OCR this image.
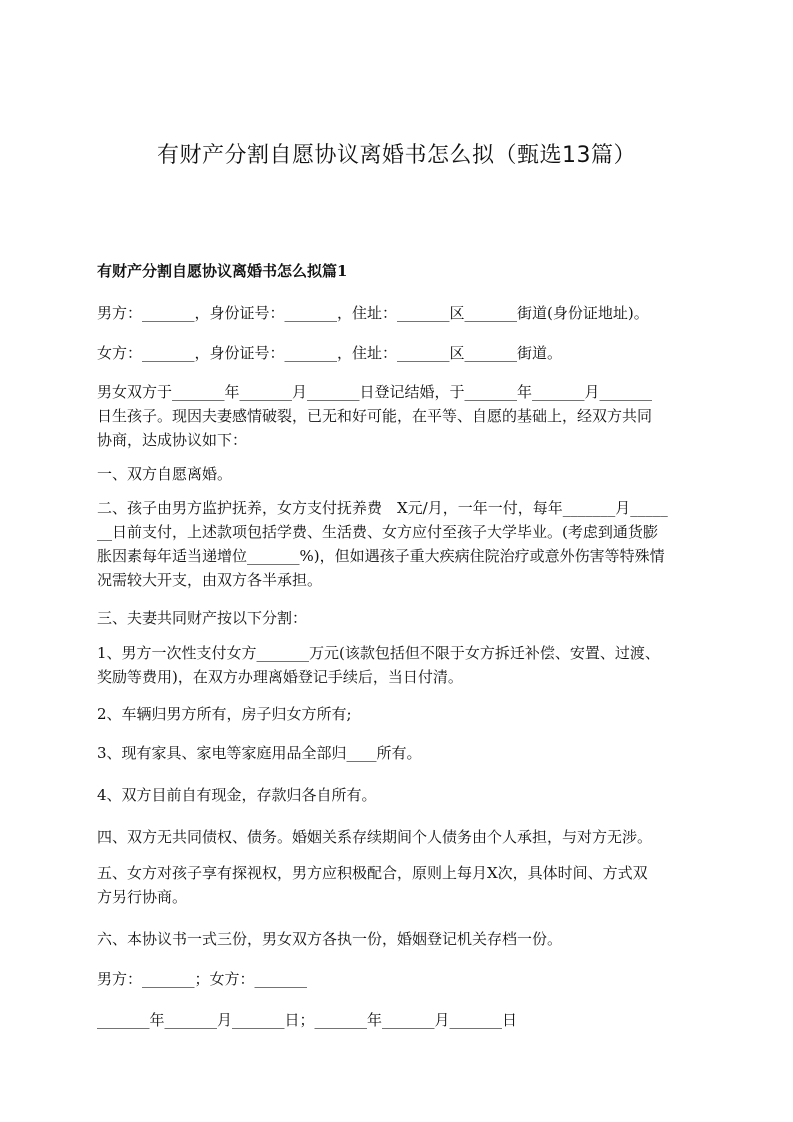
有财产分割自愿协议离婚书怎么拟（甄选13篇）
有财产分割自愿协议离婚书怎么拟篇1
男方：_______，身份证号：_______，住址：_______区_______街道(身份证地址)。
女方：_______，身份证号：_______，住址：_______区_______街道。
男女双方于_______年_______月_______日登记结婚，于_______年_______月_______
日生孩子。现因夫妻感情破裂，已无和好可能，在平等、自愿的基础上，经双方共同
协商，达成协议如下：
一、双方自愿离婚。
二、孩子由男方监护抚养，女方支付抚养费　X元/月，一年一付，每年_______月_____
__日前支付，上述款项包括学费、生活费、女方应付至孩子大学毕业。(考虑到通货膨
胀因素每年适当递增位_______%)，但如遇孩子重大疾病住院治疗或意外伤害等特殊情
况需较大开支，由双方各半承担。
三、夫妻共同财产按以下分割：
1、男方一次性支付女方_______万元(该款包括但不限于女方拆迁补偿、安置、过渡、
奖励等费用)，在双方办理离婚登记手续后，当日付清。
2、车辆归男方所有，房子归女方所有;
3、现有家具、家电等家庭用品全部归____所有。
4、双方目前自有现金，存款归各自所有。
四、双方无共同债权、债务。婚姻关系存续期间个人债务由个人承担，与对方无涉。
五、女方对孩子享有探视权，男方应积极配合，原则上每月X次，具体时间、方式双
方另行协商。
六、本协议书一式三份，男女双方各执一份，婚姻登记机关存档一份。
男方：_______；女方：_______
_______年_______月_______日；_______年_______月_______日
